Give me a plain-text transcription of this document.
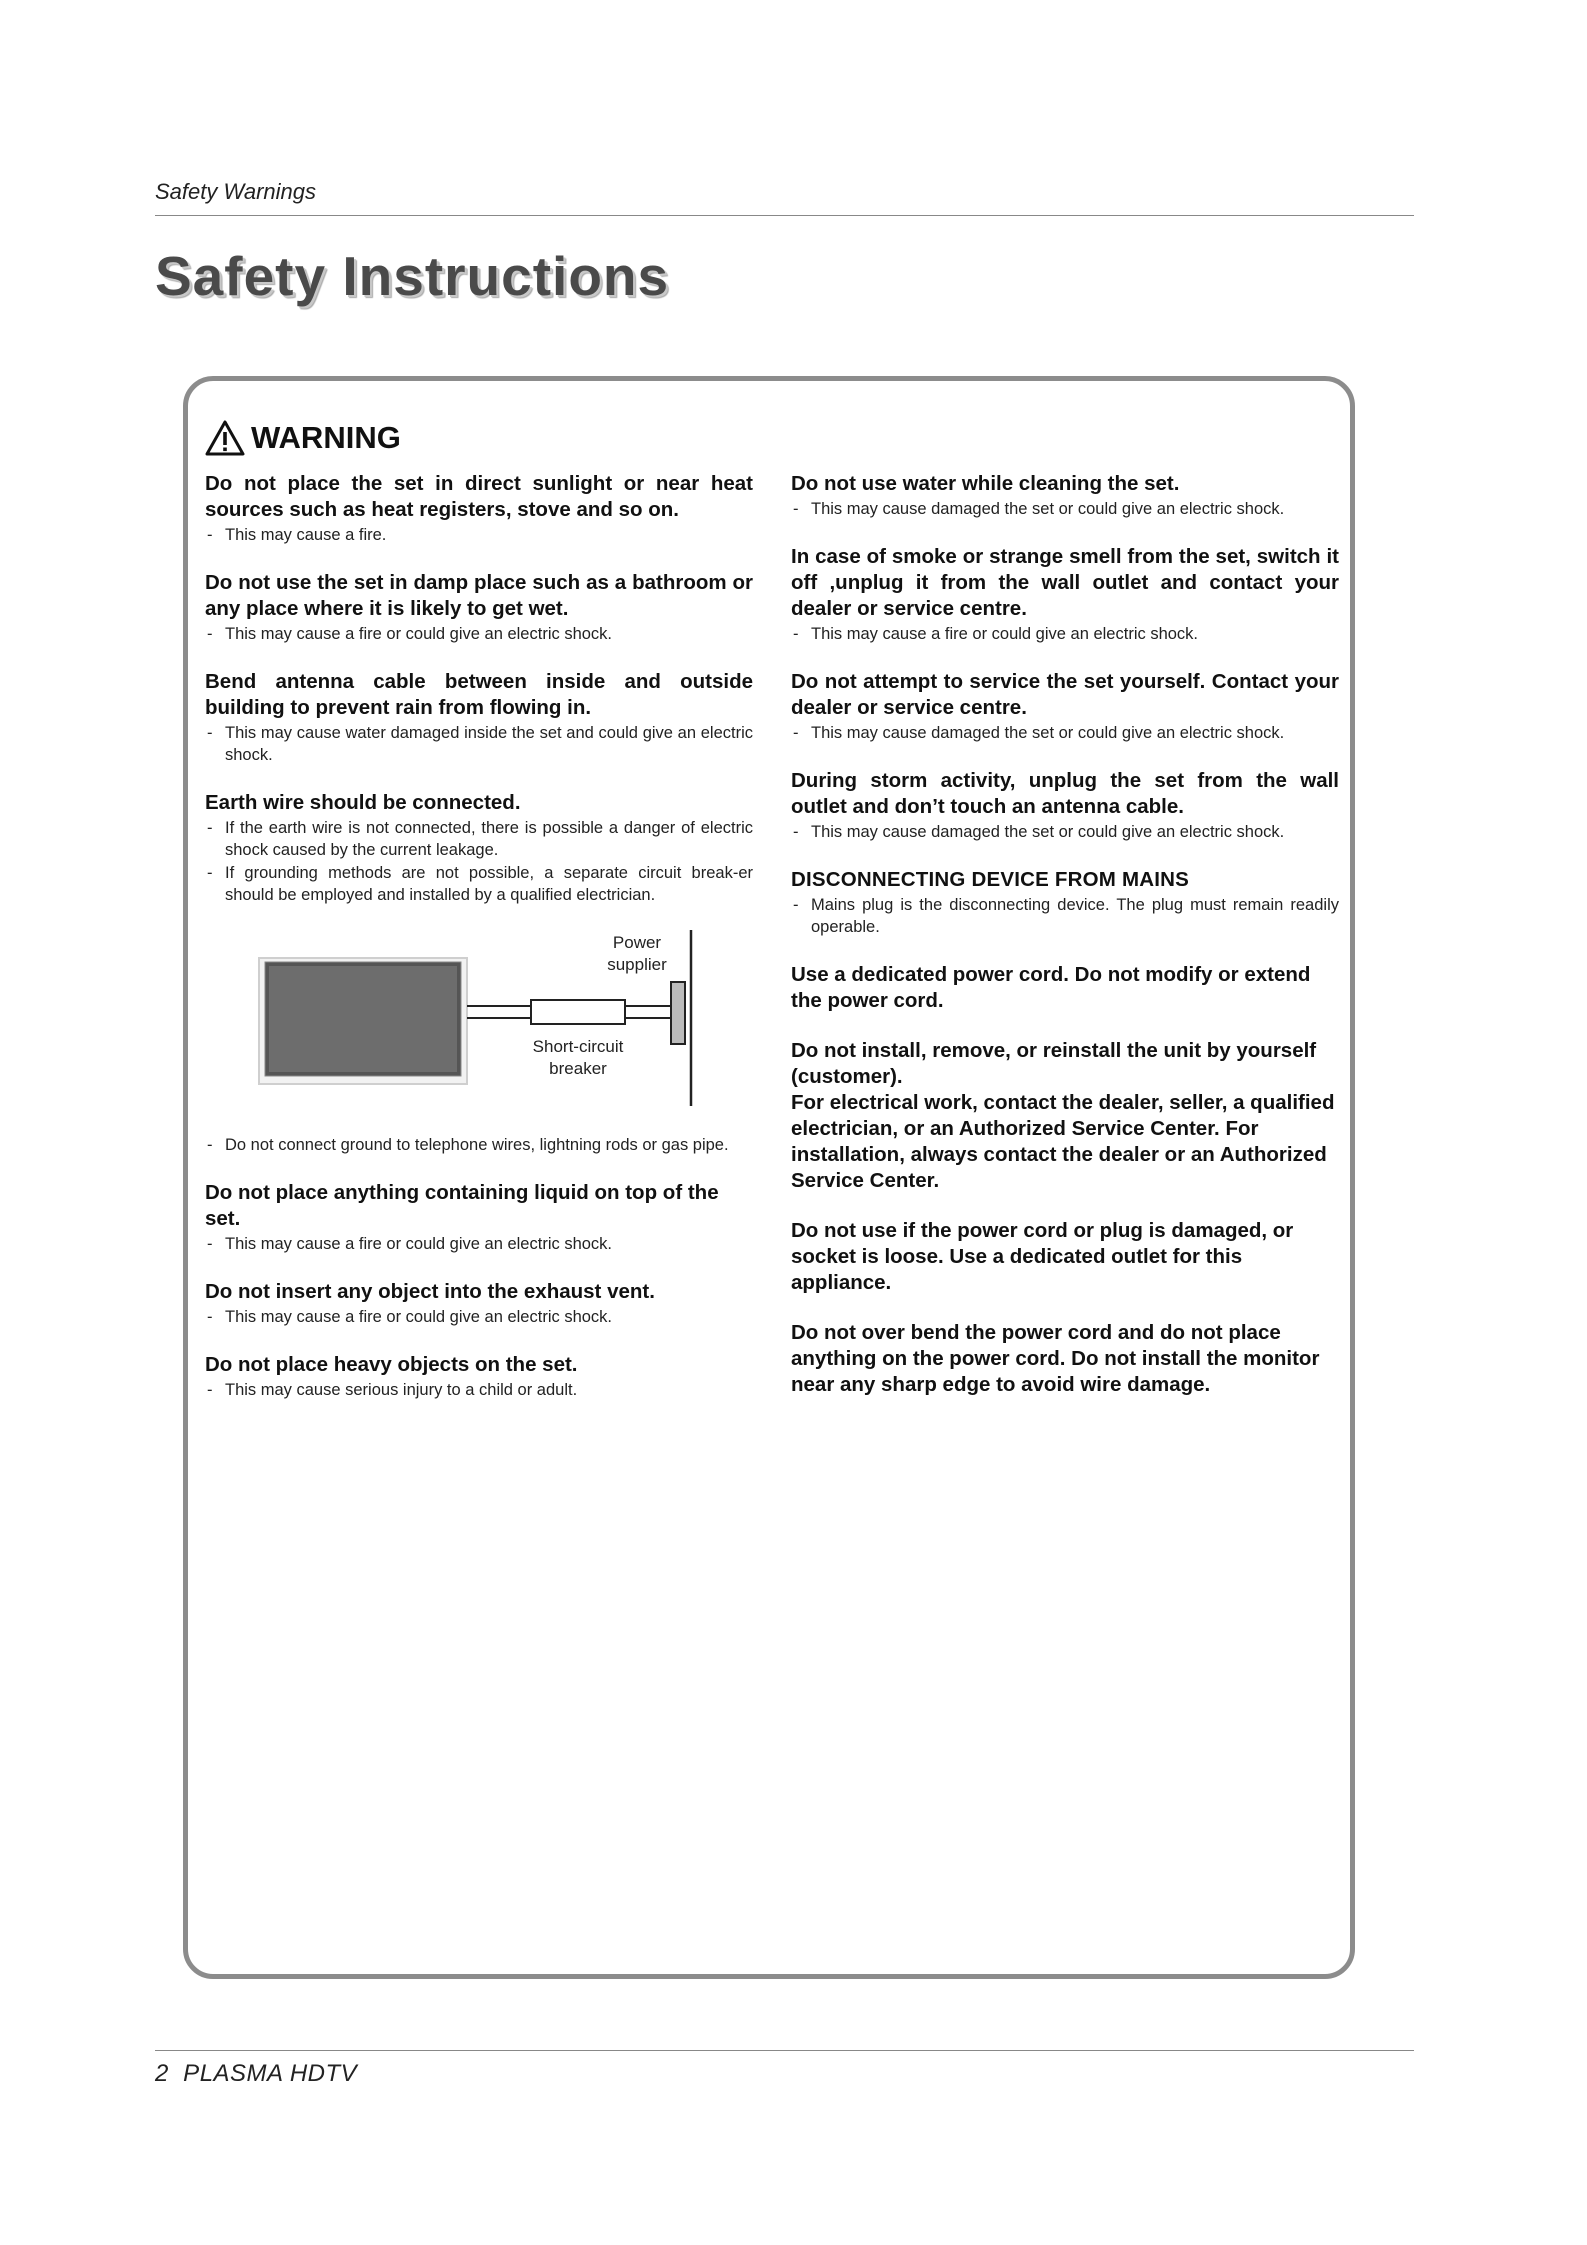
Safety Warnings
Safety Instructions
WARNING
Do not place the set in direct sunlight or near heat sources such as heat registers, stove and so on.
- This may cause a fire.
Do not use the set in damp place such as a bathroom or any place where it is likely to get wet.
- This may cause a fire or could give an electric shock.
Bend antenna cable between inside and outside building to prevent rain from flowing in.
- This may cause water damaged inside the set and could give an electric shock.
Earth wire should be connected.
- If the earth wire is not connected, there is possible a danger of electric shock caused by the current leakage.
- If grounding methods are not possible, a separate circuit break-er should be employed and installed by a qualified electrician.
Power
supplier
Short-circuit
breaker
- Do not connect ground to telephone wires, lightning rods or gas pipe.
Do not place anything containing liquid on top of the set.
- This may cause a fire or could give an electric shock.
Do not insert any object into the exhaust vent.
- This may cause a fire or could give an electric shock.
Do not place heavy objects on the set.
- This may cause serious injury to a child or adult.
Do not use water while cleaning the set.
- This may cause damaged the set or could give an electric shock.
In case of smoke or strange smell from the set, switch it off ,unplug it from the wall outlet and contact your dealer or service centre.
- This may cause a fire or could give an electric shock.
Do not attempt to service the set yourself. Contact your dealer or service centre.
- This may cause damaged the set or could give an electric shock.
During storm activity, unplug the set from the wall outlet and don’t touch an antenna cable.
- This may cause damaged the set or could give an electric shock.
DISCONNECTING DEVICE FROM MAINS
- Mains plug is the disconnecting device. The plug must remain readily operable.
Use a dedicated power cord. Do not modify or extend the power cord.
Do not install, remove, or reinstall the unit by yourself (customer).
For electrical work, contact the dealer, seller, a qualified electrician, or an Authorized Service Center. For installation, always contact the dealer or an Authorized Service Center.
Do not use if the power cord or plug is damaged, or socket is loose. Use a dedicated outlet for this appliance.
Do not over bend the power cord and do not place anything on the power cord. Do not install the monitor near any sharp edge to avoid wire damage.
2  PLASMA HDTV
